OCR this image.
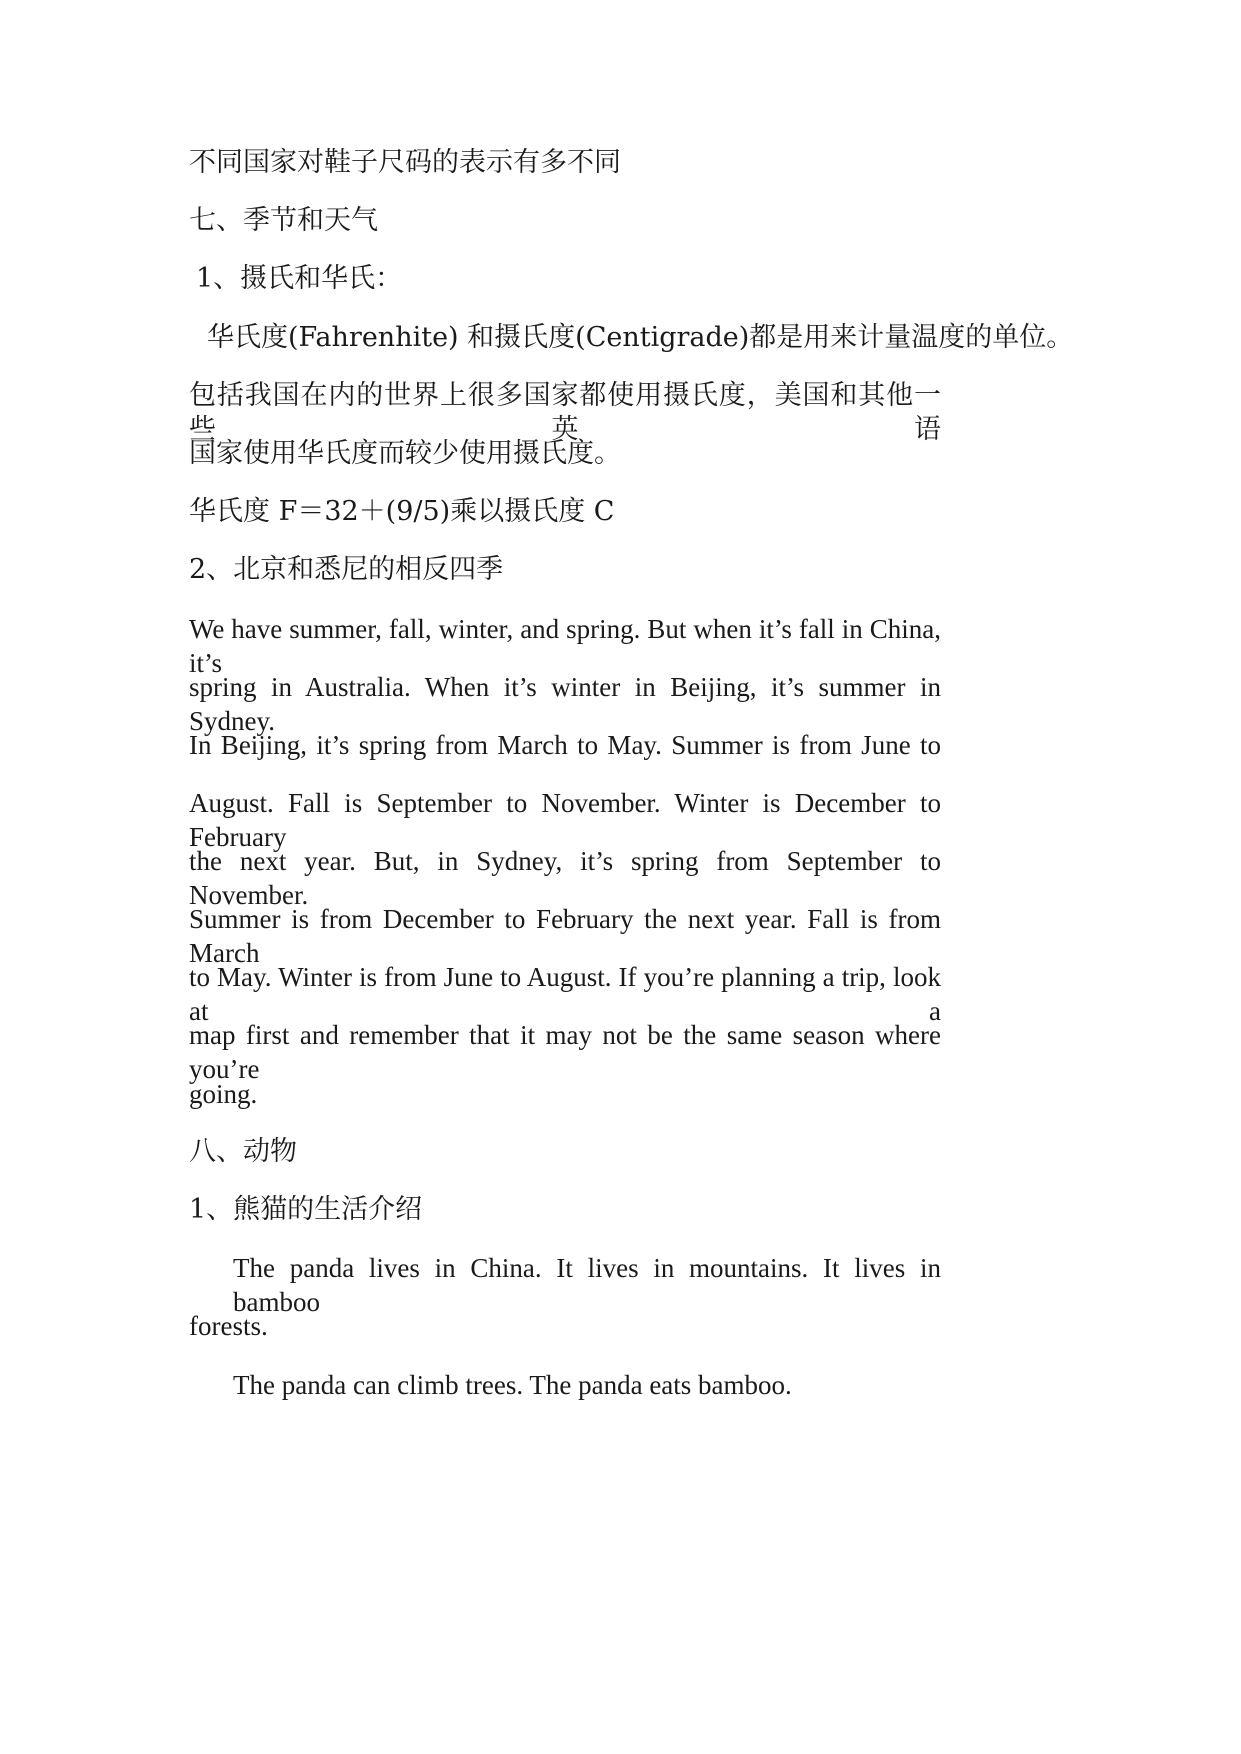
不同国家对鞋子尺码的表示有多不同
七、季节和天气
1、摄氏和华氏：
华氏度(Fahrenhite) 和摄氏度(Centigrade)都是用来计量温度的单位。
包括我国在内的世界上很多国家都使用摄氏度，美国和其他一些英语
国家使用华氏度而较少使用摄氏度。
华氏度 F＝32＋(9/5)乘以摄氏度 C
2、北京和悉尼的相反四季
We have summer, fall, winter, and spring. But when it’s fall in China, it’s
spring in Australia. When it’s winter in Beijing, it’s summer in Sydney.
In Beijing, it’s spring from March to May. Summer is from June to
August. Fall is September to November. Winter is December to February
the next year. But, in Sydney, it’s spring from September to November.
Summer is from December to February the next year. Fall is from March
to May. Winter is from June to August. If you’re planning a trip, look at a
map first and remember that it may not be the same season where you’re
going.
八、动物
1、熊猫的生活介绍
The panda lives in China. It lives in mountains. It lives in bamboo
forests.
The panda can climb trees. The panda eats bamboo.
